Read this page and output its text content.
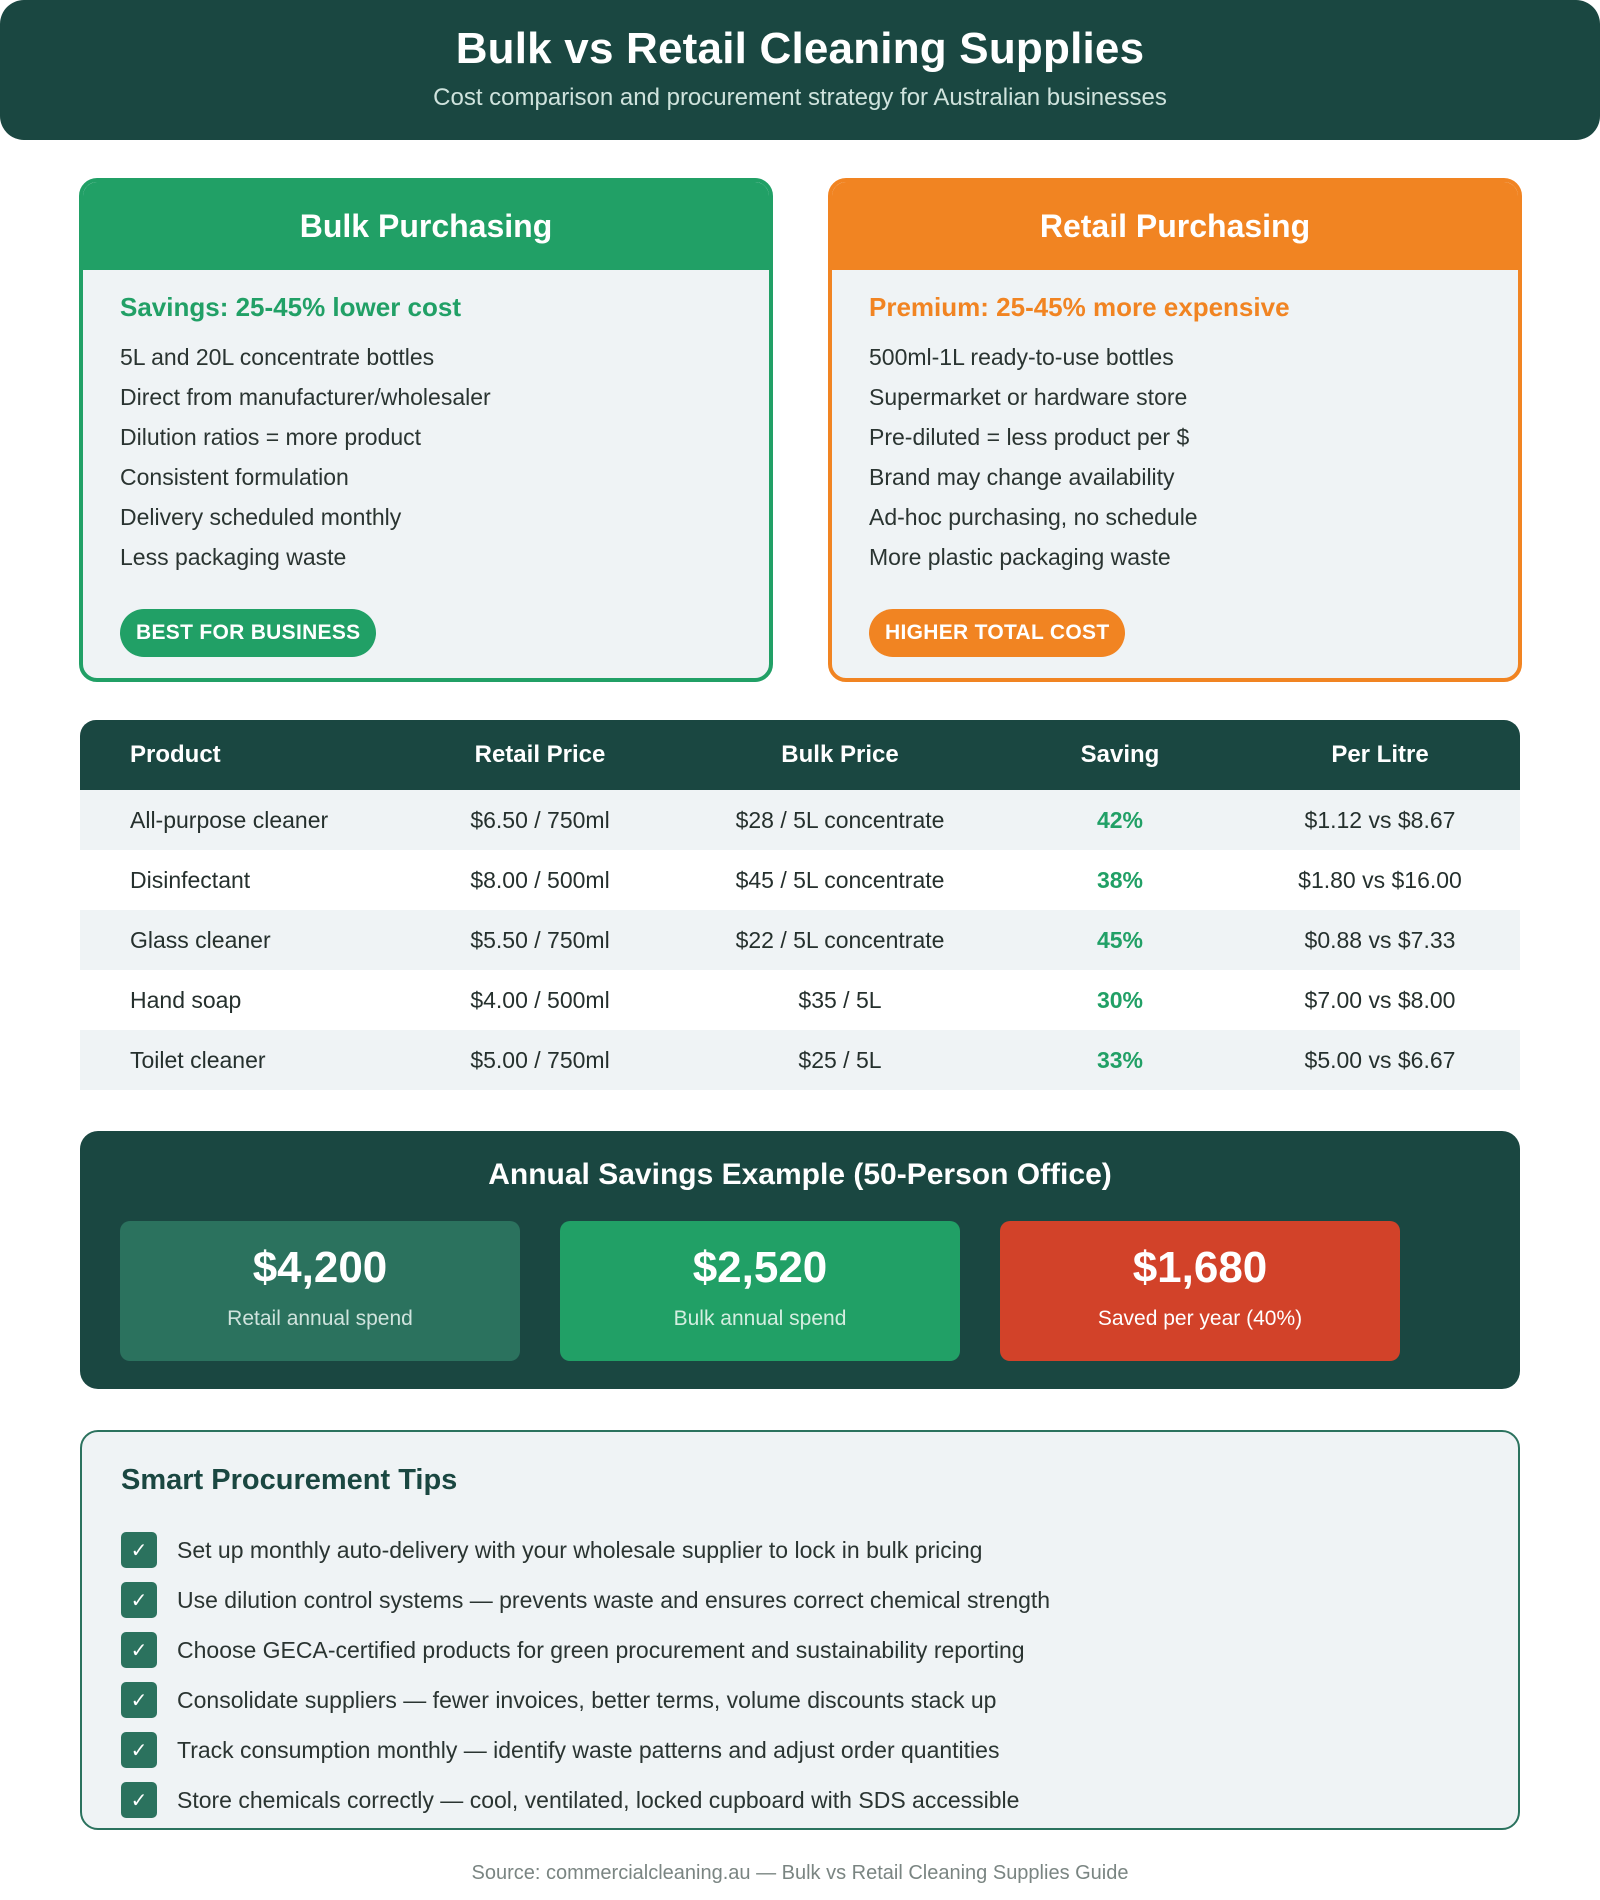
Bulk vs Retail Cleaning Supplies

Cost comparison and procurement strategy for Australian businesses

Bulk Purchasing
Savings: 25-45% lower cost
5L and 20L concentrate bottles
Direct from manufacturer/wholesaler
Dilution ratios = more product
Consistent formulation
Delivery scheduled monthly
Less packaging waste
BEST FOR BUSINESS
Retail Purchasing
Premium: 25-45% more expensive
500ml-1L ready-to-use bottles
Supermarket or hardware store
Pre-diluted = less product per $
Brand may change availability
Ad-hoc purchasing, no schedule
More plastic packaging waste
HIGHER TOTAL COST
Product	Retail Price	Bulk Price	Saving	Per Litre
All-purpose cleaner	$6.50 / 750ml	$28 / 5L concentrate	42%	$1.12 vs $8.67
Disinfectant	$8.00 / 500ml	$45 / 5L concentrate	38%	$1.80 vs $16.00
Glass cleaner	$5.50 / 750ml	$22 / 5L concentrate	45%	$0.88 vs $7.33
Hand soap	$4.00 / 500ml	$35 / 5L	30%	$7.00 vs $8.00
Toilet cleaner	$5.00 / 750ml	$25 / 5L	33%	$5.00 vs $6.67
Annual Savings Example (50-Person Office)
$4,200
Retail annual spend
$2,520
Bulk annual spend
$1,680
Saved per year (40%)
Smart Procurement Tips
✓	Set up monthly auto-delivery with your wholesale supplier to lock in bulk pricing
✓	Use dilution control systems — prevents waste and ensures correct chemical strength
✓	Choose GECA-certified products for green procurement and sustainability reporting
✓	Consolidate suppliers — fewer invoices, better terms, volume discounts stack up
✓	Track consumption monthly — identify waste patterns and adjust order quantities
✓	Store chemicals correctly — cool, ventilated, locked cupboard with SDS accessible
Source: commercialcleaning.au — Bulk vs Retail Cleaning Supplies Guide
